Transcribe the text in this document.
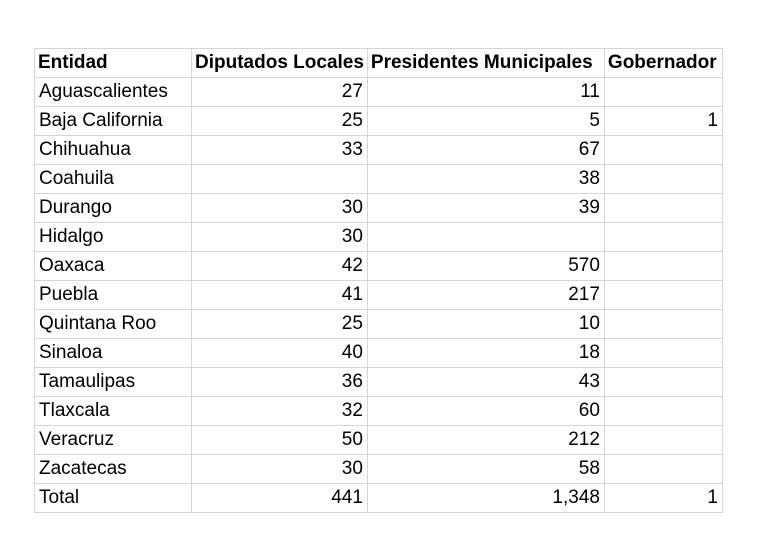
Entidad	Diputados Locales	Presidentes Municipales	Gobernador
Aguascalientes	27	11	
Baja California	25	5	1
Chihuahua	33	67	
Coahuila		38	
Durango	30	39	
Hidalgo	30		
Oaxaca	42	570	
Puebla	41	217	
Quintana Roo	25	10	
Sinaloa	40	18	
Tamaulipas	36	43	
Tlaxcala	32	60	
Veracruz	50	212	
Zacatecas	30	58	
Total	441	1,348	1
